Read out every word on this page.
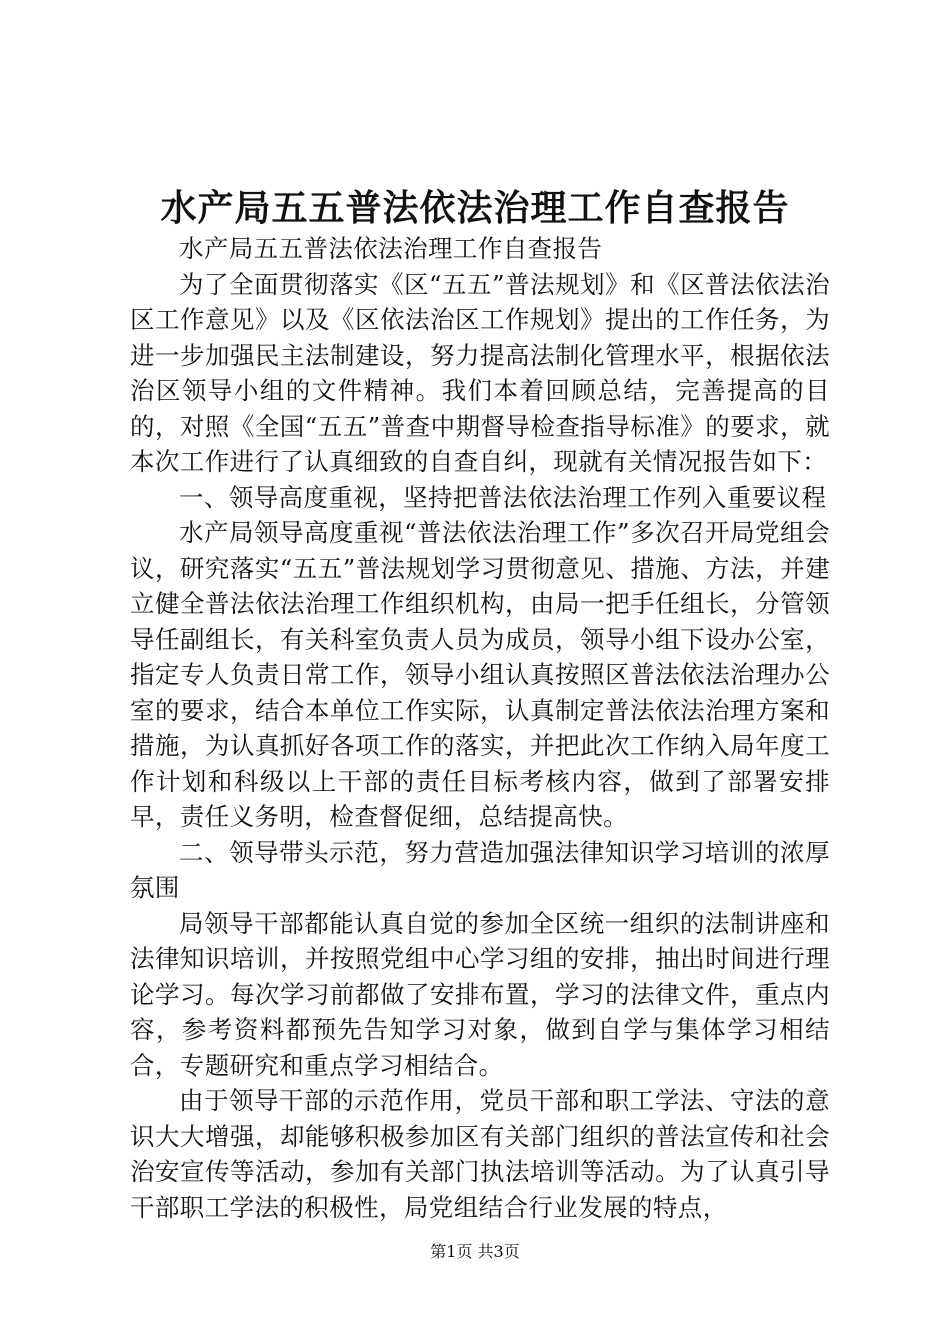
水产局五五普法依法治理工作自查报告

水产局五五普法依法治理工作自查报告

为了全面贯彻落实《区“五五”普法规划》和《区普法依法治区工作意见》以及《区依法治区工作规划》提出的工作任务，为进一步加强民主法制建设，努力提高法制化管理水平，根据依法治区领导小组的文件精神。我们本着回顾总结，完善提高的目的，对照《全国“五五”普查中期督导检查指导标准》的要求，就本次工作进行了认真细致的自查自纠，现就有关情况报告如下：

一、领导高度重视，坚持把普法依法治理工作列入重要议程

水产局领导高度重视“普法依法治理工作”多次召开局党组会议，研究落实“五五”普法规划学习贯彻意见、措施、方法，并建立健全普法依法治理工作组织机构，由局一把手任组长，分管领导任副组长，有关科室负责人员为成员，领导小组下设办公室，指定专人负责日常工作，领导小组认真按照区普法依法治理办公室的要求，结合本单位工作实际，认真制定普法依法治理方案和措施，为认真抓好各项工作的落实，并把此次工作纳入局年度工作计划和科级以上干部的责任目标考核内容，做到了部署安排早，责任义务明，检查督促细，总结提高快。

二、领导带头示范，努力营造加强法律知识学习培训的浓厚氛围

局领导干部都能认真自觉的参加全区统一组织的法制讲座和法律知识培训，并按照党组中心学习组的安排，抽出时间进行理论学习。每次学习前都做了安排布置，学习的法律文件，重点内容，参考资料都预先告知学习对象，做到自学与集体学习相结合，专题研究和重点学习相结合。

由于领导干部的示范作用，党员干部和职工学法、守法的意识大大增强，却能够积极参加区有关部门组织的普法宣传和社会治安宣传等活动，参加有关部门执法培训等活动。为了认真引导干部职工学法的积极性，局党组结合行业发展的特点，

第1页 共3页
